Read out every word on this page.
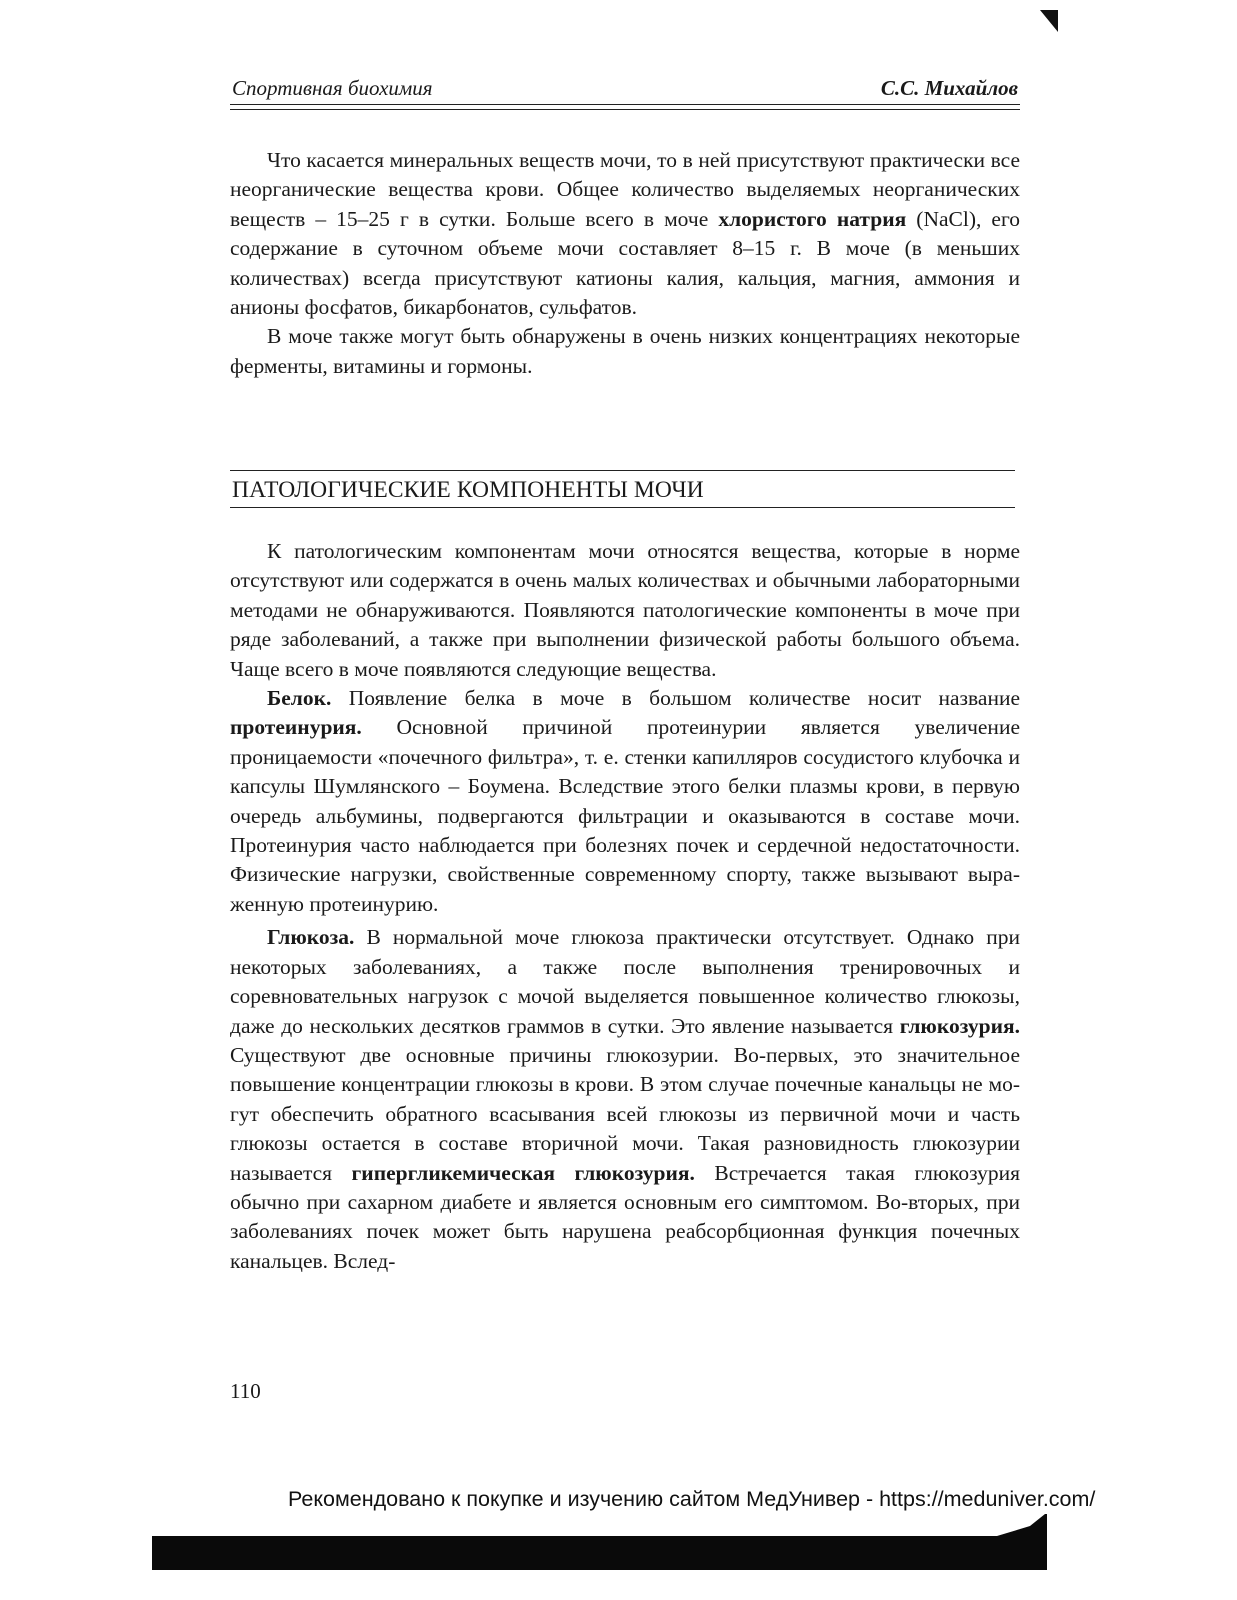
Спортивная биохимия	С.С. Михайлов

Что касается минеральных веществ мочи, то в ней присутствуют практически все неорганические вещества крови. Общее количество выделяемых неорганических веществ – 15–25 г в сутки. Больше всего в моче хлористого натрия (NaCl), его содержание в суточном объеме мочи составляет 8–15 г. В моче (в меньших количествах) всегда присутствуют катионы калия, кальция, магния, аммония и анионы фосфатов, бикарбонатов, сульфатов.

В моче также могут быть обнаружены в очень низких концентрациях некоторые ферменты, витамины и гормоны.

ПАТОЛОГИЧЕСКИЕ КОМПОНЕНТЫ МОЧИ

К патологическим компонентам мочи относятся вещества, которые в норме отсутствуют или содержатся в очень малых количествах и обычными лабораторными методами не обнаруживаются. Появляются патологические компоненты в моче при ряде заболеваний, а также при выполнении физической работы большого объема. Чаще всего в моче появляются следующие вещества.

Белок. Появление белка в моче в большом количестве носит название протеинурия. Основной причиной протеинурии является увеличение проницаемости «почечного фильтра», т. е. стенки капилляров сосудистого клубочка и капсулы Шумлянского – Боумена. Вследствие этого белки плазмы крови, в первую очередь альбумины, подвергаются фильтрации и оказываются в составе мочи. Протеинурия часто наблюдается при болезнях почек и сердечной недостаточности. Физические нагрузки, свойственные современному спорту, также вызывают выраженную протеинурию.

Глюкоза. В нормальной моче глюкоза практически отсутствует. Однако при некоторых заболеваниях, а также после выполнения тренировочных и соревновательных нагрузок с мочой выделяется повышенное количество глюкозы, даже до нескольких десятков граммов в сутки. Это явление называется глюкозурия. Существуют две основные причины глюкозурии. Во-первых, это значительное повышение концентрации глюкозы в крови. В этом случае почечные канальцы не могут обеспечить обратного всасывания всей глюкозы из первичной мочи и часть глюкозы остается в составе вторичной мочи. Такая разновидность глюкозурии называется гипергликемическая глюкозурия. Встречается такая глюкозурия обычно при сахарном диабете и является основным его симптомом. Во-вторых, при заболеваниях почек может быть нарушена реабсорбционная функция почечных канальцев. Вслед-

110
Рекомендовано к покупке и изучению сайтом МедУнивер - https://meduniver.com/
